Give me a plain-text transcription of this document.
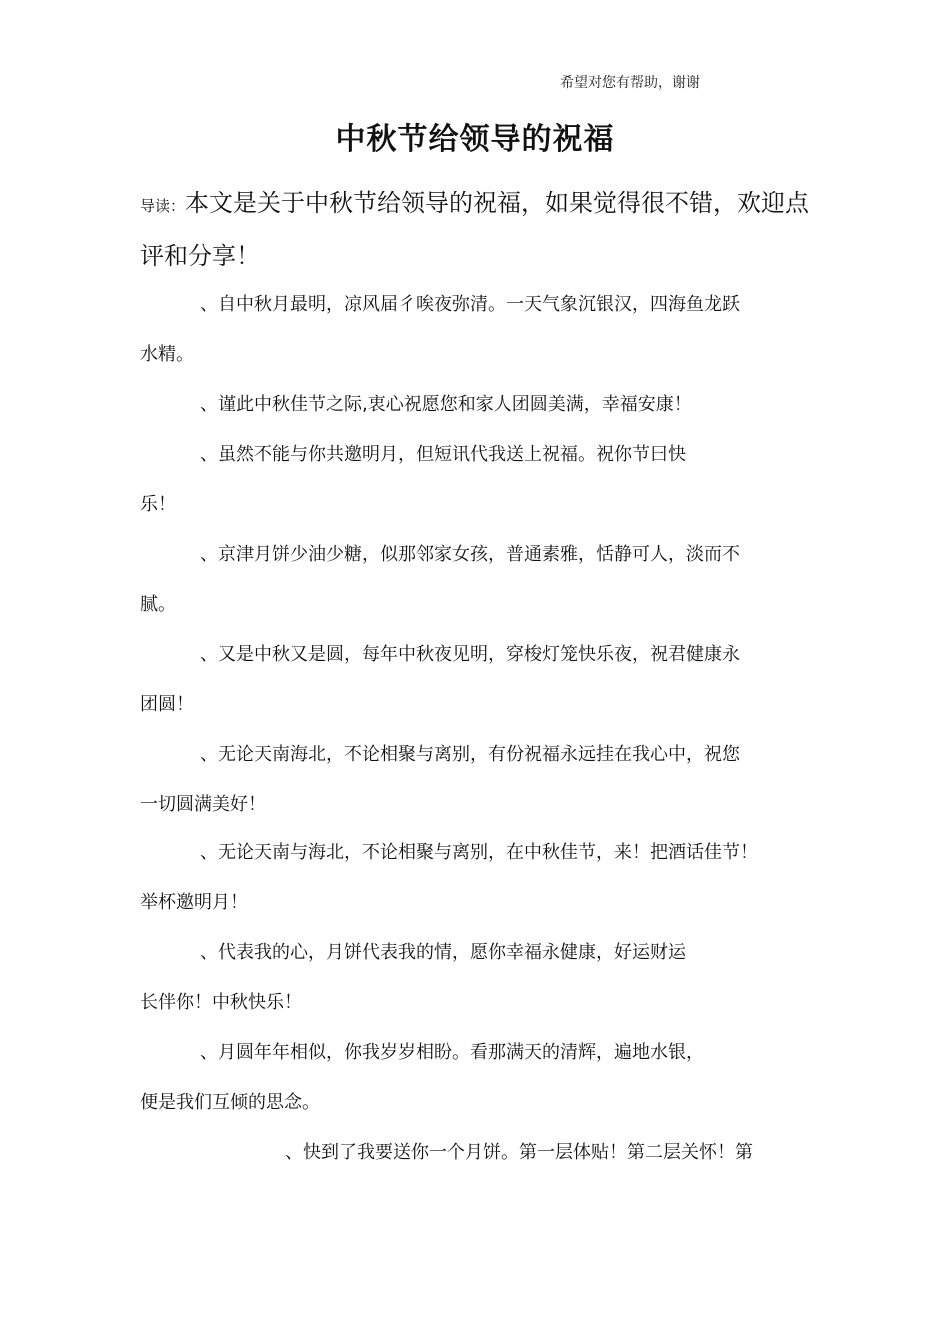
希望对您有帮助，谢谢
中秋节给领导的祝福
导读：本文是关于中秋节给领导的祝福，如果觉得很不错，欢迎点评和分享！
、自中秋月最明，凉风届彳唉夜弥清。一天气象沉银汉，四海鱼龙跃
水精。
、谨此中秋佳节之际,衷心祝愿您和家人团圆美满，幸福安康！
、虽然不能与你共邀明月，但短讯代我送上祝福。祝你节曰快
乐！
、京津月饼少油少糖，似那邻家女孩，普通素雅，恬静可人，淡而不
腻。
、又是中秋又是圆，每年中秋夜见明，穿梭灯笼快乐夜，祝君健康永
团圆！
、无论天南海北，不论相聚与离别，有份祝福永远挂在我心中，祝您
一切圆满美好！
、无论天南与海北，不论相聚与离别，在中秋佳节，来！把酒话佳节！
举杯邀明月！
、代表我的心，月饼代表我的情，愿你幸福永健康，好运财运
长伴你！中秋快乐！
、月圆年年相似，你我岁岁相盼。看那满天的清辉，遍地水银，
便是我们互倾的思念。
、快到了我要送你一个月饼。第一层体贴！第二层关怀！第
